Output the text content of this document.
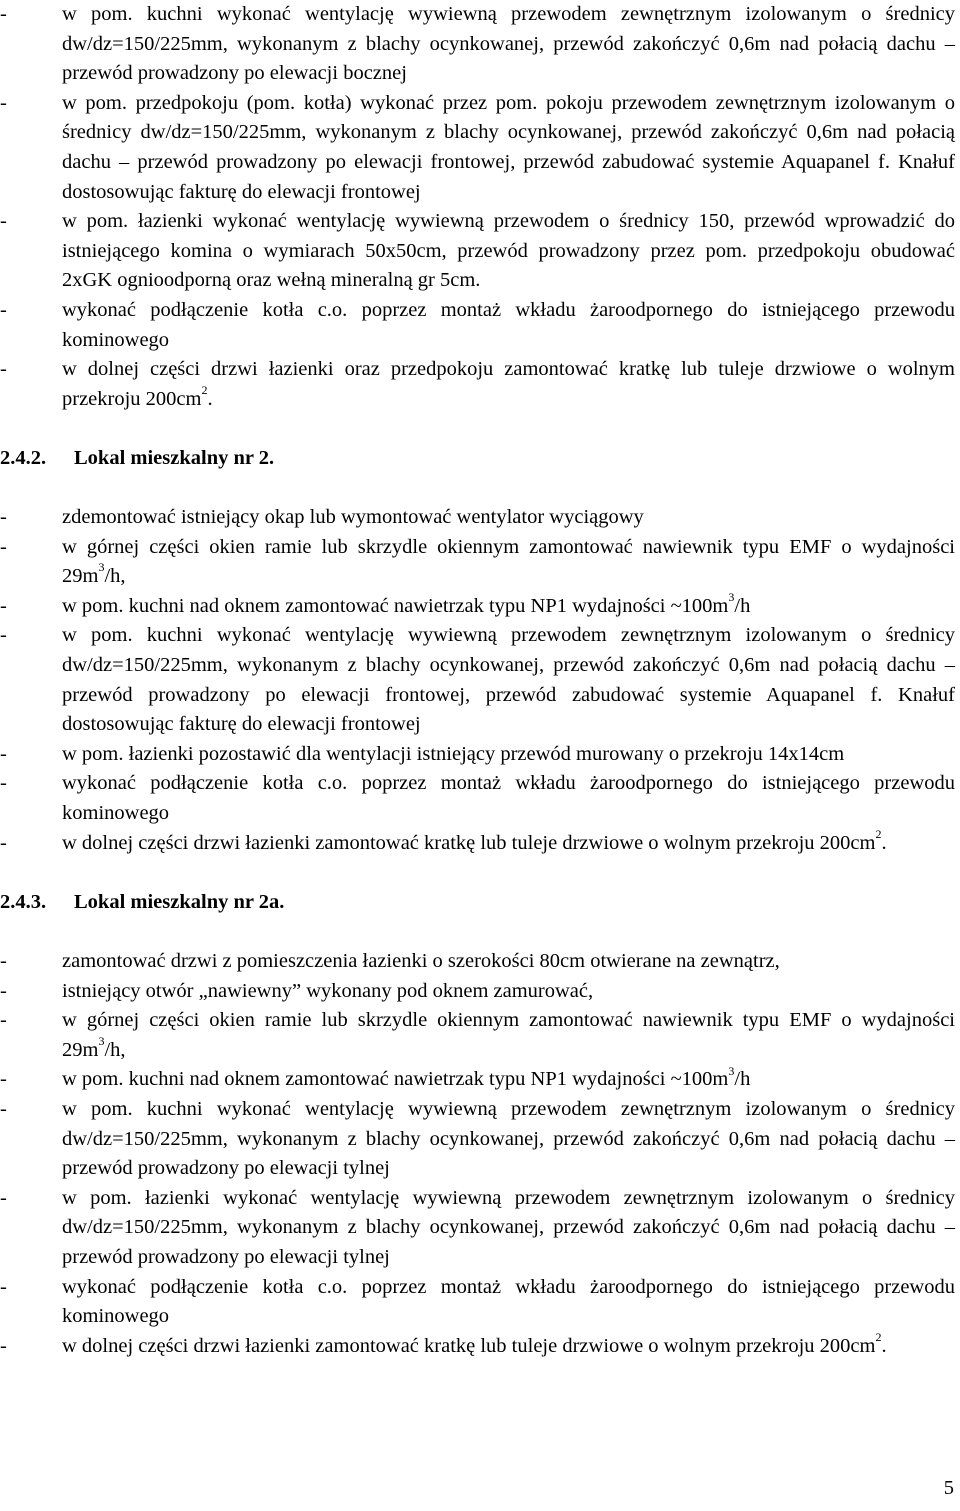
-	w pom. kuchni wykonać wentylację wywiewną przewodem zewnętrznym izolowanym o średnicy dw/dz=150/225mm, wykonanym z blachy ocynkowanej, przewód zakończyć 0,6m nad połacią dachu – przewód prowadzony po elewacji bocznej
-	w pom. przedpokoju (pom. kotła) wykonać przez pom. pokoju przewodem zewnętrznym izolowanym o średnicy dw/dz=150/225mm, wykonanym z blachy ocynkowanej, przewód zakończyć 0,6m nad połacią dachu – przewód prowadzony po elewacji frontowej, przewód zabudować systemie Aquapanel f. Knałuf dostosowując fakturę do elewacji frontowej
-	w pom. łazienki wykonać wentylację wywiewną przewodem o średnicy 150, przewód wprowadzić do istniejącego komina o wymiarach 50x50cm, przewód prowadzony przez pom. przedpokoju obudować 2xGK ognioodporną oraz wełną mineralną gr 5cm.
-	wykonać podłączenie kotła c.o. poprzez montaż wkładu żaroodpornego do istniejącego przewodu kominowego
-	w dolnej części drzwi łazienki oraz przedpokoju zamontować kratkę lub tuleje drzwiowe o wolnym przekroju $200cm^2$.
2.4.2. Lokal mieszkalny nr 2.
-	zdemontować istniejący okap lub wymontować wentylator wyciągowy
-	w górnej części okien ramie lub skrzydle okiennym zamontować nawiewnik typu EMF o wydajności $29m^3/h$,
-	w pom. kuchni nad oknem zamontować nawietrzak typu NP1 wydajności $\sim 100m^3/h$
-	w pom. kuchni wykonać wentylację wywiewną przewodem zewnętrznym izolowanym o średnicy dw/dz=150/225mm, wykonanym z blachy ocynkowanej, przewód zakończyć 0,6m nad połacią dachu – przewód prowadzony po elewacji frontowej, przewód zabudować systemie Aquapanel f. Knałuf dostosowując fakturę do elewacji frontowej
-	w pom. łazienki pozostawić dla wentylacji istniejący przewód murowany o przekroju 14x14cm
-	wykonać podłączenie kotła c.o. poprzez montaż wkładu żaroodpornego do istniejącego przewodu kominowego
-	w dolnej części drzwi łazienki zamontować kratkę lub tuleje drzwiowe o wolnym przekroju $200cm^2$.
2.4.3. Lokal mieszkalny nr 2a.
-	zamontować drzwi z pomieszczenia łazienki o szerokości 80cm otwierane na zewnątrz,
-	istniejący otwór „nawiewny” wykonany pod oknem zamurować,
-	w górnej części okien ramie lub skrzydle okiennym zamontować nawiewnik typu EMF o wydajności $29m^3/h$,
-	w pom. kuchni nad oknem zamontować nawietrzak typu NP1 wydajności $\sim 100m^3/h$
-	w pom. kuchni wykonać wentylację wywiewną przewodem zewnętrznym izolowanym o średnicy dw/dz=150/225mm, wykonanym z blachy ocynkowanej, przewód zakończyć 0,6m nad połacią dachu – przewód prowadzony po elewacji tylnej
-	w pom. łazienki wykonać wentylację wywiewną przewodem zewnętrznym izolowanym o średnicy dw/dz=150/225mm, wykonanym z blachy ocynkowanej, przewód zakończyć 0,6m nad połacią dachu – przewód prowadzony po elewacji tylnej
-	wykonać podłączenie kotła c.o. poprzez montaż wkładu żaroodpornego do istniejącego przewodu kominowego
-	w dolnej części drzwi łazienki zamontować kratkę lub tuleje drzwiowe o wolnym przekroju $200cm^2$.
5
